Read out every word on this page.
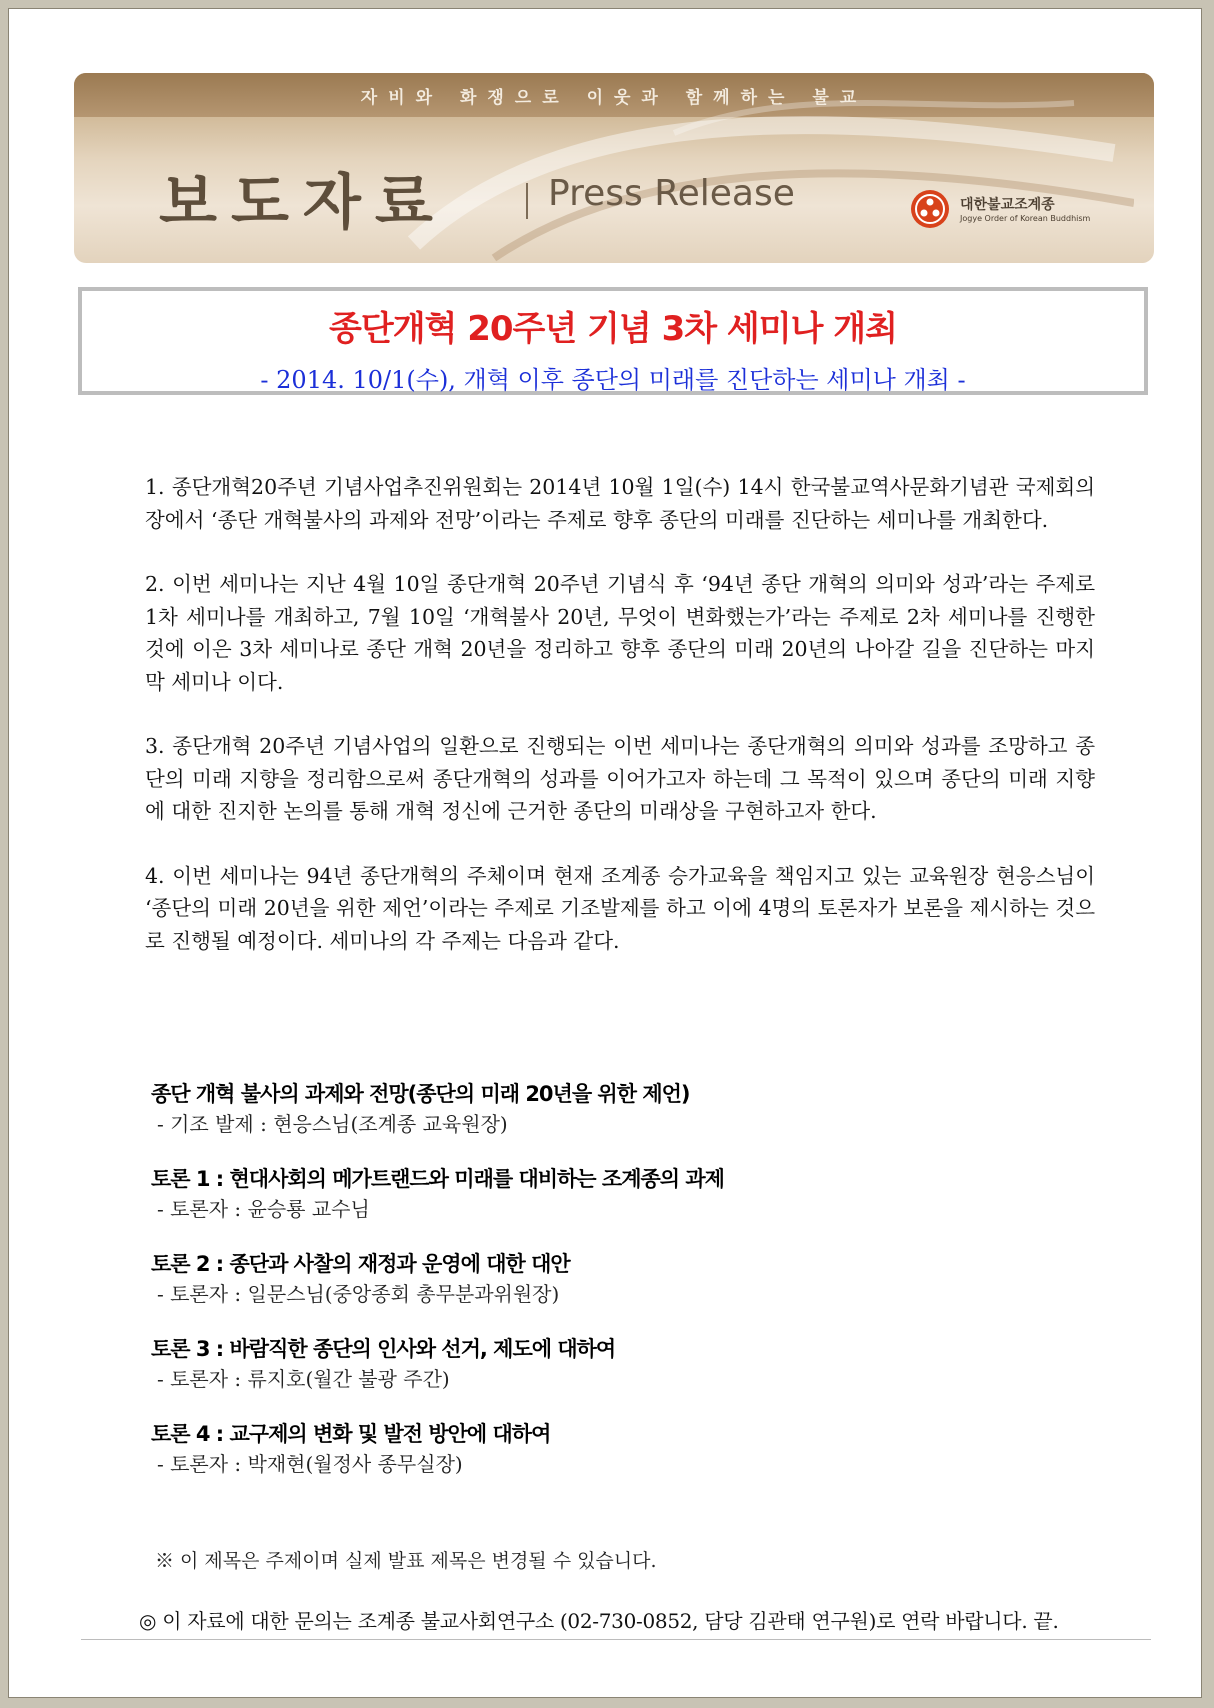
자비와 화쟁으로 이웃과 함께하는 불교
보도자료	Press Release	대한불교조계종
Jogye Order of Korean Buddhism
종단개혁 20주년 기념 3차 세미나 개최
- 2014. 10/1(수), 개혁 이후 종단의 미래를 진단하는 세미나 개최 -
1. 종단개혁20주년 기념사업추진위원회는 2014년 10월 1일(수) 14시 한국불교역사문화기념관 국제회의장에서 ‘종단 개혁불사의 과제와 전망’이라는 주제로 향후 종단의 미래를 진단하는 세미나를 개최한다.
2. 이번 세미나는 지난 4월 10일 종단개혁 20주년 기념식 후 ‘94년 종단 개혁의 의미와 성과’라는 주제로 1차 세미나를 개최하고, 7월 10일 ‘개혁불사 20년, 무엇이 변화했는가’라는 주제로 2차 세미나를 진행한 것에 이은 3차 세미나로 종단 개혁 20년을 정리하고 향후 종단의 미래 20년의 나아갈 길을 진단하는 마지막 세미나 이다.
3. 종단개혁 20주년 기념사업의 일환으로 진행되는 이번 세미나는 종단개혁의 의미와 성과를 조망하고 종단의 미래 지향을 정리함으로써 종단개혁의 성과를 이어가고자 하는데 그 목적이 있으며 종단의 미래 지향에 대한 진지한 논의를 통해 개혁 정신에 근거한 종단의 미래상을 구현하고자 한다.
4. 이번 세미나는 94년 종단개혁의 주체이며 현재 조계종 승가교육을 책임지고 있는 교육원장 현응스님이 ‘종단의 미래 20년을 위한 제언’이라는 주제로 기조발제를 하고 이에 4명의 토론자가 보론을 제시하는 것으로 진행될 예정이다. 세미나의 각 주제는 다음과 같다.
종단 개혁 불사의 과제와 전망(종단의 미래 20년을 위한 제언)
- 기조 발제 : 현응스님(조계종 교육원장)
토론 1 : 현대사회의 메가트랜드와 미래를 대비하는 조계종의 과제
- 토론자 : 윤승룡 교수님
토론 2 : 종단과 사찰의 재정과 운영에 대한 대안
- 토론자 : 일문스님(중앙종회 총무분과위원장)
토론 3 : 바람직한 종단의 인사와 선거, 제도에 대하여
- 토론자 : 류지호(월간 불광 주간)
토론 4 : 교구제의 변화 및 발전 방안에 대하여
- 토론자 : 박재현(월정사 종무실장)
※ 이 제목은 주제이며 실제 발표 제목은 변경될 수 있습니다.
◎ 이 자료에 대한 문의는 조계종 불교사회연구소 (02-730-0852, 담당 김관태 연구원)로 연락 바랍니다. 끝.
